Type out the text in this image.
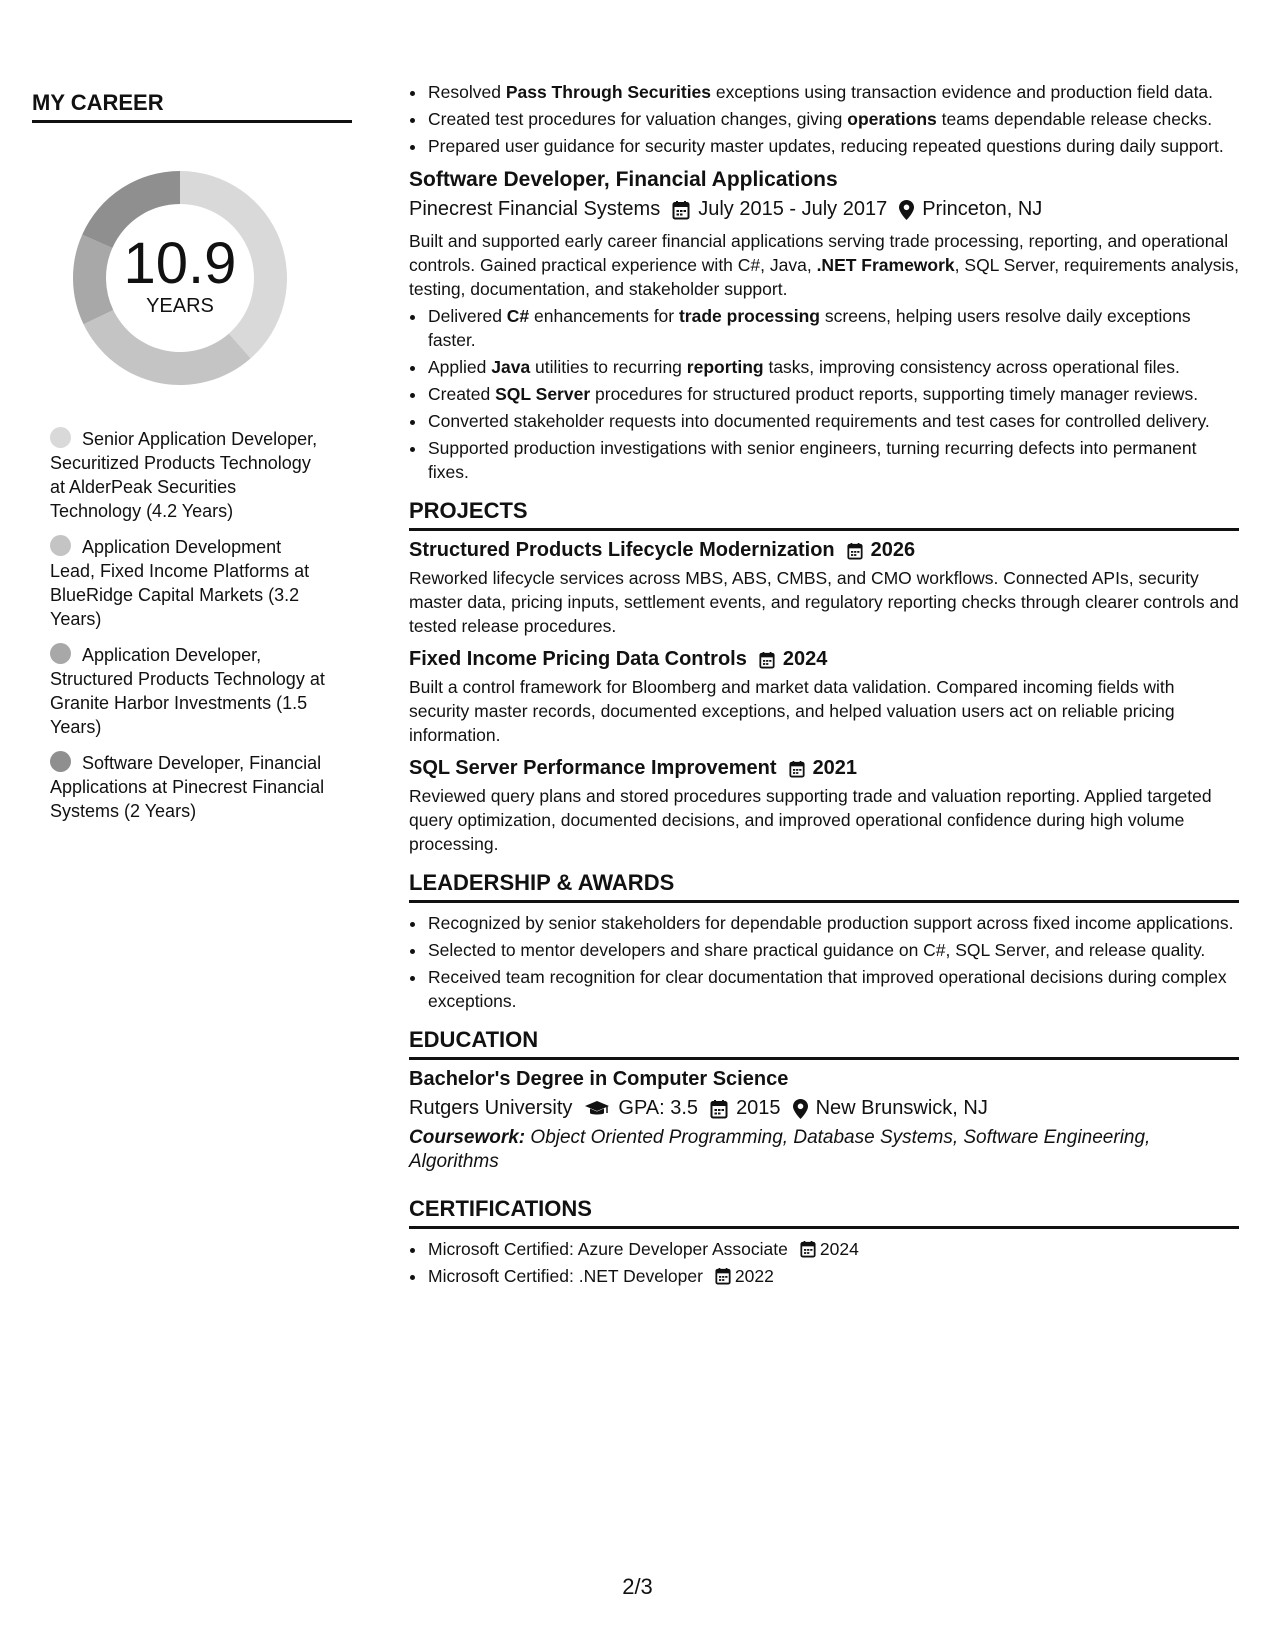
MY CAREER
10.9
YEARS
Senior Application Developer, Securitized Products Technology at AlderPeak Securities Technology (4.2 Years)
Application Development Lead, Fixed Income Platforms at BlueRidge Capital Markets (3.2 Years)
Application Developer, Structured Products Technology at Granite Harbor Investments (1.5 Years)
Software Developer, Financial Applications at Pinecrest Financial Systems (2 Years)
• Resolved Pass Through Securities exceptions using transaction evidence and production field data.
• Created test procedures for valuation changes, giving operations teams dependable release checks.
• Prepared user guidance for security master updates, reducing repeated questions during daily support.
Software Developer, Financial Applications
Pinecrest Financial Systems July 2015 - July 2017 Princeton, NJ

Built and supported early career financial applications serving trade processing, reporting, and operational controls. Gained practical experience with C#, Java, .NET Framework, SQL Server, requirements analysis, testing, documentation, and stakeholder support.

• Delivered C# enhancements for trade processing screens, helping users resolve daily exceptions faster.
• Applied Java utilities to recurring reporting tasks, improving consistency across operational files.
• Created SQL Server procedures for structured product reports, supporting timely manager reviews.
• Converted stakeholder requests into documented requirements and test cases for controlled delivery.
• Supported production investigations with senior engineers, turning recurring defects into permanent fixes.
PROJECTS
Structured Products Lifecycle Modernization 2026

Reworked lifecycle services across MBS, ABS, CMBS, and CMO workflows. Connected APIs, security master data, pricing inputs, settlement events, and regulatory reporting checks through clearer controls and tested release procedures.

Fixed Income Pricing Data Controls 2024

Built a control framework for Bloomberg and market data validation. Compared incoming fields with security master records, documented exceptions, and helped valuation users act on reliable pricing information.

SQL Server Performance Improvement 2021

Reviewed query plans and stored procedures supporting trade and valuation reporting. Applied targeted query optimization, documented decisions, and improved operational confidence during high volume processing.

LEADERSHIP & AWARDS
• Recognized by senior stakeholders for dependable production support across fixed income applications.
• Selected to mentor developers and share practical guidance on C#, SQL Server, and release quality.
• Received team recognition for clear documentation that improved operational decisions during complex exceptions.
EDUCATION
Bachelor's Degree in Computer Science
Rutgers University GPA: 3.5 2015 New Brunswick, NJ
Coursework: Object Oriented Programming, Database Systems, Software Engineering, Algorithms
CERTIFICATIONS
• Microsoft Certified: Azure Developer Associate 2024
• Microsoft Certified: .NET Developer 2022
2/3
